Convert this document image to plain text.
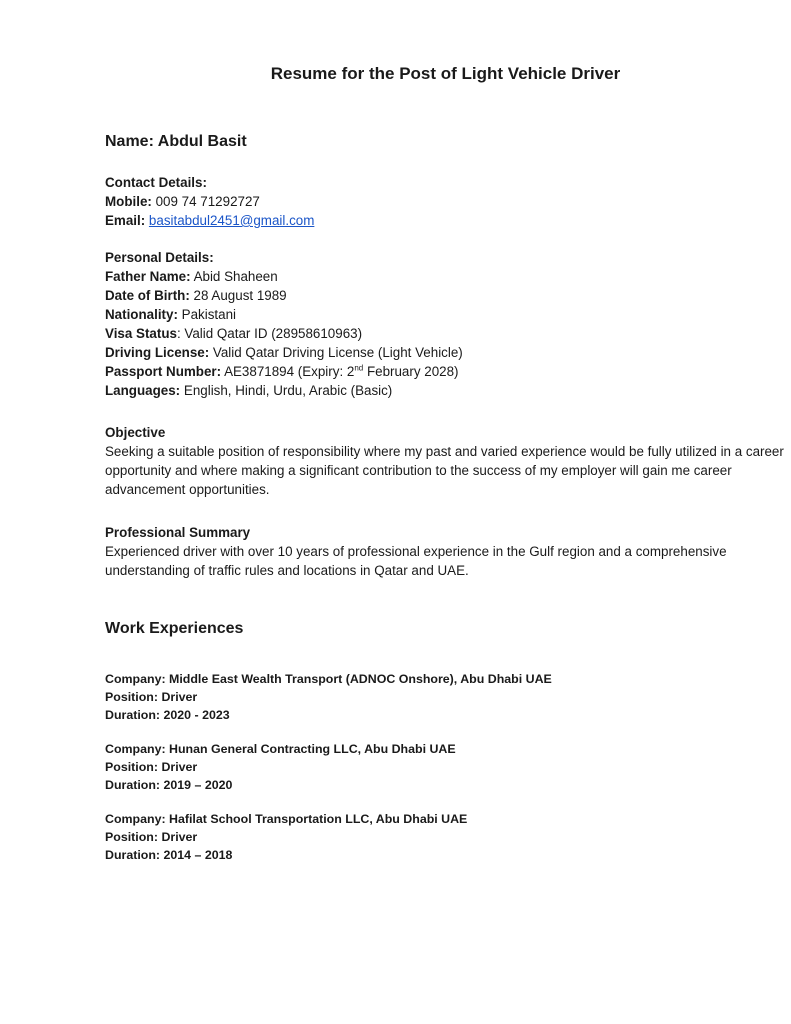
Resume for the Post of Light Vehicle Driver
Name: Abdul Basit
Contact Details:
Mobile: 009 74 71292727
Email: basitabdul2451@gmail.com
Personal Details:
Father Name: Abid Shaheen
Date of Birth: 28 August 1989
Nationality: Pakistani
Visa Status: Valid Qatar ID (28958610963)
Driving License: Valid Qatar Driving License (Light Vehicle)
Passport Number: AE3871894 (Expiry: 2nd February 2028)
Languages: English, Hindi, Urdu, Arabic (Basic)
Objective
Seeking a suitable position of responsibility where my past and varied experience would be fully utilized in a career opportunity and where making a significant contribution to the success of my employer will gain me career advancement opportunities.
Professional Summary
Experienced driver with over 10 years of professional experience in the Gulf region and a comprehensive understanding of traffic rules and locations in Qatar and UAE.
Work Experiences
Company: Middle East Wealth Transport (ADNOC Onshore), Abu Dhabi UAE
Position: Driver
Duration: 2020 - 2023
Company: Hunan General Contracting LLC, Abu Dhabi UAE
Position: Driver
Duration: 2019 – 2020
Company: Hafilat School Transportation LLC, Abu Dhabi UAE
Position: Driver
Duration: 2014 – 2018
